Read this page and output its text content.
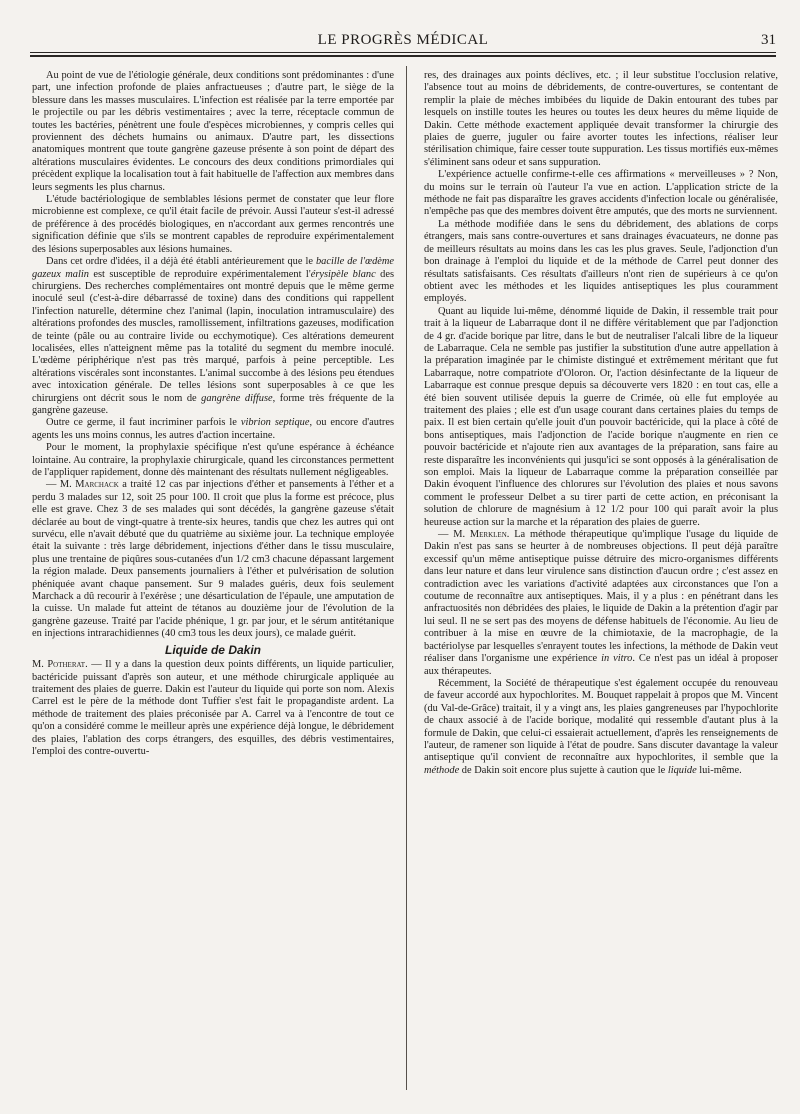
LE PROGRÈS MÉDICAL	31

Au point de vue de l'étiologie générale, deux conditions sont prédominantes : d'une part, une infection profonde de plaies anfractueuses ; d'autre part, le siège de la blessure dans les masses musculaires. L'infection est réalisée par la terre emportée par le projectile ou par les débris vestimentaires ; avec la terre, réceptacle commun de toutes les bactéries, pénètrent une foule d'espèces microbiennes, y compris celles qui proviennent des déchets humains ou animaux. D'autre part, les dissections anatomiques montrent que toute gangrène gazeuse présente à son point de départ des altérations musculaires évidentes. Le concours des deux conditions primordiales qui précèdent explique la localisation tout à fait habituelle de l'affection aux membres dans leurs segments les plus charnus.

L'étude bactériologique de semblables lésions permet de constater que leur flore microbienne est complexe, ce qu'il était facile de prévoir. Aussi l'auteur s'est-il adressé de préférence à des procédés biologiques, en n'accordant aux germes rencontrés une signification définie que s'ils se montrent capables de reproduire expérimentalement des lésions superposables aux lésions humaines.

Dans cet ordre d'idées, il a déjà été établi antérieurement que le bacille de l'œdème gazeux malin est susceptible de reproduire expérimentalement l'érysipèle blanc des chirurgiens. Des recherches complémentaires ont montré depuis que le même germe inoculé seul (c'est-à-dire débarrassé de toxine) dans des conditions qui rappellent l'infection naturelle, détermine chez l'animal (lapin, inoculation intramusculaire) des altérations profondes des muscles, ramollissement, infiltrations gazeuses, modification de teinte (pâle ou au contraire livide ou ecchymotique). Ces altérations demeurent localisées, elles n'atteignent même pas la totalité du segment du membre inoculé. L'œdème périphérique n'est pas très marqué, parfois à peine perceptible. Les altérations viscérales sont inconstantes. L'animal succombe à des lésions peu étendues avec intoxication générale. De telles lésions sont superposables à ce que les chirurgiens ont décrit sous le nom de gangrène diffuse, forme très fréquente de la gangrène gazeuse.

Outre ce germe, il faut incriminer parfois le vibrion septique, ou encore d'autres agents les uns moins connus, les autres d'action incertaine.

Pour le moment, la prophylaxie spécifique n'est qu'une espérance à échéance lointaine. Au contraire, la prophylaxie chirurgicale, quand les circonstances permettent de l'appliquer rapidement, donne dès maintenant des résultats nullement négligeables.

— M. Marchack a traité 12 cas par injections d'éther et pansements à l'éther et a perdu 3 malades sur 12, soit 25 pour 100. Il croit que plus la forme est précoce, plus elle est grave. Chez 3 de ses malades qui sont décédés, la gangrène gazeuse s'était déclarée au bout de vingt-quatre à trente-six heures, tandis que chez les autres qui ont survécu, elle n'avait débuté que du quatrième au sixième jour. La technique employée était la suivante : très large débridement, injections d'éther dans le tissu musculaire, plus une trentaine de piqûres sous-cutanées d'un 1/2 cm3 chacune dépassant largement la région malade. Deux pansements journaliers à l'éther et pulvérisation de solution phéniquée avant chaque pansement. Sur 9 malades guéris, deux fois seulement Marchack a dû recourir à l'exérèse ; une désarticulation de l'épaule, une amputation de la cuisse. Un malade fut atteint de tétanos au douzième jour de l'évolution de la gangrène gazeuse. Traité par l'acide phénique, 1 gr. par jour, et le sérum antitétanique en injections intrarachidiennes (40 cm3 tous les deux jours), ce malade guérit.

Liquide de Dakin

M. Potherat. — Il y a dans la question deux points différents, un liquide particulier, bactéricide puissant d'après son auteur, et une méthode chirurgicale appliquée au traitement des plaies de guerre. Dakin est l'auteur du liquide qui porte son nom. Alexis Carrel est le père de la méthode dont Tuffier s'est fait le propagandiste ardent. La méthode de traitement des plaies préconisée par A. Carrel va à l'encontre de tout ce qu'on a considéré comme le meilleur après une expérience déjà longue, le débridement des plaies, l'ablation des corps étrangers, des esquilles, des débris vestimentaires, l'emploi des contre-ouvertu-

res, des drainages aux points déclives, etc. ; il leur substitue l'occlusion relative, l'absence tout au moins de débridements, de contre-ouvertures, se contentant de remplir la plaie de mèches imbibées du liquide de Dakin entourant des tubes par lesquels on instille toutes les heures ou toutes les deux heures du même liquide de Dakin. Cette méthode exactement appliquée devait transformer la chirurgie des plaies de guerre, juguler ou faire avorter toutes les infections, réaliser leur stérilisation chimique, faire cesser toute suppuration. Les tissus mortifiés eux-mêmes s'éliminent sans odeur et sans suppuration.

L'expérience actuelle confirme-t-elle ces affirmations « merveilleuses » ? Non, du moins sur le terrain où l'auteur l'a vue en action. L'application stricte de la méthode ne fait pas disparaître les graves accidents d'infection locale ou généralisée, n'empêche pas que des membres doivent être amputés, que des morts ne surviennent.

La méthode modifiée dans le sens du débridement, des ablations de corps étrangers, mais sans contre-ouvertures et sans drainages évacuateurs, ne donne pas de meilleurs résultats au moins dans les cas les plus graves. Seule, l'adjonction d'un bon drainage à l'emploi du liquide et de la méthode de Carrel peut donner des résultats satisfaisants. Ces résultats d'ailleurs n'ont rien de supérieurs à ce qu'on obtient avec les méthodes et les liquides antiseptiques les plus couramment employés.

Quant au liquide lui-même, dénommé liquide de Dakin, il ressemble trait pour trait à la liqueur de Labarraque dont il ne diffère véritablement que par l'adjonction de 4 gr. d'acide borique par litre, dans le but de neutraliser l'alcali libre de la liqueur de Labarraque. Cela ne semble pas justifier la substitution d'une autre appellation à la préparation imaginée par le chimiste distingué et extrêmement méritant que fut Labarraque, notre compatriote d'Oloron. Or, l'action désinfectante de la liqueur de Labarraque est connue presque depuis sa découverte vers 1820 : en tout cas, elle a été bien souvent utilisée depuis la guerre de Crimée, où elle fut employée au traitement des plaies ; elle est d'un usage courant dans certaines plaies du temps de paix. Il est bien certain qu'elle jouit d'un pouvoir bactéricide, qui la place à côté de bons antiseptiques, mais l'adjonction de l'acide borique n'augmente en rien ce pouvoir bactéricide et n'ajoute rien aux avantages de la préparation, sans faire au reste disparaître les inconvénients qui jusqu'ici se sont opposés à la généralisation de son emploi. Mais la liqueur de Labarraque comme la préparation conseillée par Dakin évoquent l'influence des chlorures sur l'évolution des plaies et nous savons comment le professeur Delbet a su tirer parti de cette action, en préconisant la solution de chlorure de magnésium à 12 1/2 pour 100 qui paraît avoir la plus heureuse action sur la marche et la réparation des plaies de guerre.

— M. Merklen. La méthode thérapeutique qu'implique l'usage du liquide de Dakin n'est pas sans se heurter à de nombreuses objections. Il peut déjà paraître excessif qu'un même antiseptique puisse détruire des micro-organismes différents dans leur nature et dans leur virulence sans distinction d'aucun ordre ; c'est assez en contradiction avec les variations d'activité adaptées aux circonstances que l'on a coutume de reconnaître aux antiseptiques. Mais, il y a plus : en pénétrant dans les anfractuosités non débridées des plaies, le liquide de Dakin a la prétention d'agir par lui seul. Il ne se sert pas des moyens de défense habituels de l'économie. Au lieu de contribuer à la mise en œuvre de la chimiotaxie, de la macrophagie, de la bactériolyse par lesquelles s'enrayent toutes les infections, la méthode de Dakin veut réaliser dans l'organisme une expérience in vitro. Ce n'est pas un idéal à proposer aux thérapeutes.

Récemment, la Société de thérapeutique s'est également occupée du renouveau de faveur accordé aux hypochlorites. M. Bouquet rappelait à propos que M. Vincent (du Val-de-Grâce) traitait, il y a vingt ans, les plaies gangreneuses par l'hypochlorite de chaux associé à de l'acide borique, modalité qui ressemble d'autant plus à la formule de Dakin, que celui-ci essaierait actuellement, d'après les renseignements de l'auteur, de ramener son liquide à l'état de poudre. Sans discuter davantage la valeur antiseptique qu'il convient de reconnaître aux hypochlorites, il semble que la méthode de Dakin soit encore plus sujette à caution que le liquide lui-même.
